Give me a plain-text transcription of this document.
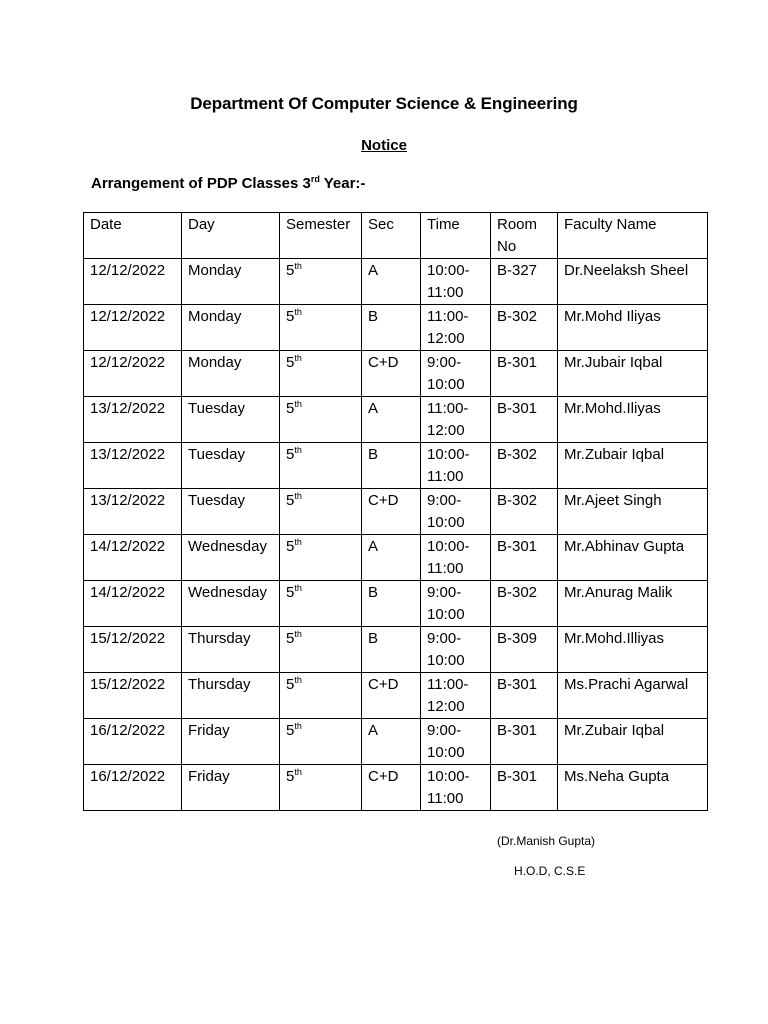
Department Of Computer Science & Engineering
Notice
Arrangement of PDP Classes 3rd Year:-
Date	Day	Semester	Sec	Time	Room No	Faculty Name
12/12/2022	Monday	5th	A	10:00-11:00	B-327	Dr.Neelaksh Sheel
12/12/2022	Monday	5th	B	11:00-12:00	B-302	Mr.Mohd Iliyas
12/12/2022	Monday	5th	C+D	9:00-10:00	B-301	Mr.Jubair Iqbal
13/12/2022	Tuesday	5th	A	11:00-12:00	B-301	Mr.Mohd.Iliyas
13/12/2022	Tuesday	5th	B	10:00-11:00	B-302	Mr.Zubair Iqbal
13/12/2022	Tuesday	5th	C+D	9:00-10:00	B-302	Mr.Ajeet Singh
14/12/2022	Wednesday	5th	A	10:00-11:00	B-301	Mr.Abhinav Gupta
14/12/2022	Wednesday	5th	B	9:00-10:00	B-302	Mr.Anurag Malik
15/12/2022	Thursday	5th	B	9:00-10:00	B-309	Mr.Mohd.Illiyas
15/12/2022	Thursday	5th	C+D	11:00-12:00	B-301	Ms.Prachi Agarwal
16/12/2022	Friday	5th	A	9:00-10:00	B-301	Mr.Zubair Iqbal
16/12/2022	Friday	5th	C+D	10:00-11:00	B-301	Ms.Neha Gupta
(Dr.Manish Gupta)
H.O.D, C.S.E
